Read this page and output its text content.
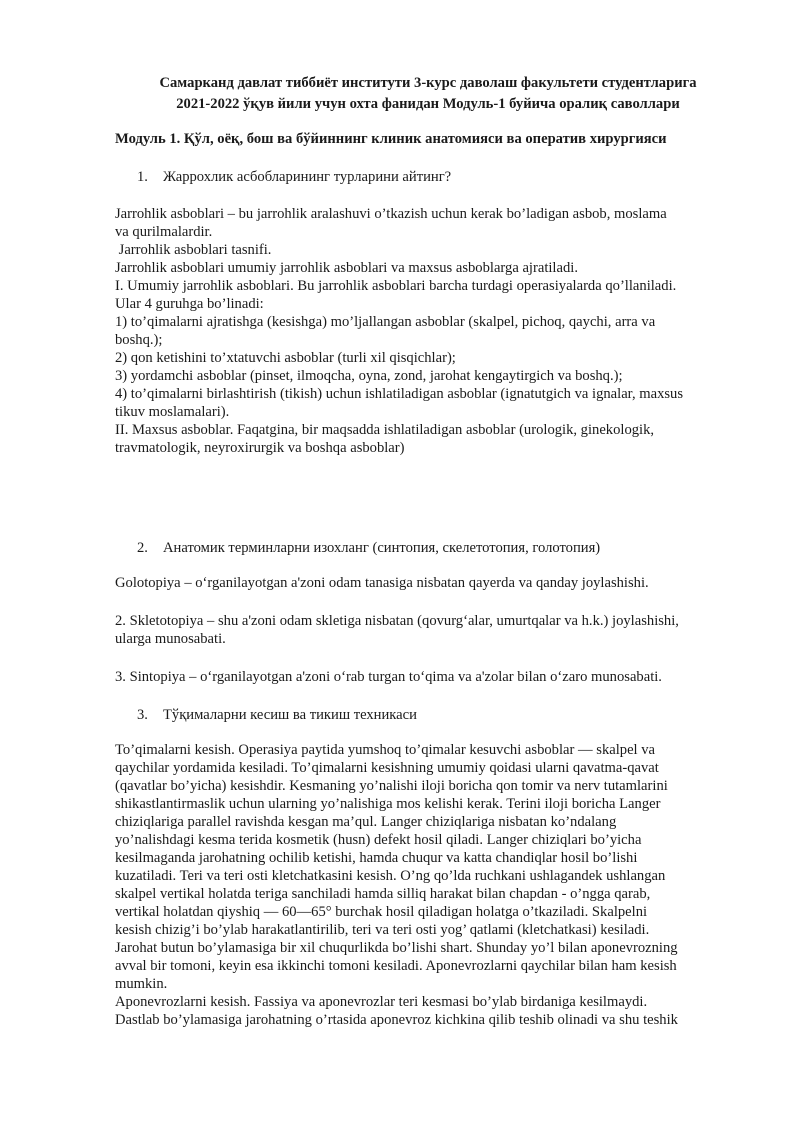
Самарканд давлат тиббиёт институти 3-курс даволаш факультети студентларига
2021-2022 ўқув йили учун охта фанидан Модуль-1 буйича оралиқ саволлари
Модуль 1. Қўл, оёқ, бош ва бўйиннинг клиник анатомияси ва оператив хирургияси
1. Жаррохлик асбобларининг турларини айтинг?
Jarrohlik asboblari – bu jarrohlik aralashuvi o’tkazish uchun kerak bo’ladigan asbob, moslama
va qurilmalardir.
Jarrohlik asboblari tasnifi.
Jarrohlik asboblari umumiy jarrohlik asboblari va maxsus asboblarga ajratiladi.
I. Umumiy jarrohlik asboblari. Bu jarrohlik asboblari barcha turdagi operasiyalarda qo’llaniladi.
Ular 4 guruhga bo’linadi:
1) to’qimalarni ajratishga (kesishga) mo’ljallangan asboblar (skalpel, pichoq, qaychi, arra va
boshq.);
2) qon ketishini to’xtatuvchi asboblar (turli xil qisqichlar);
3) yordamchi asboblar (pinset, ilmoqcha, oyna, zond, jarohat kengaytirgich va boshq.);
4) to’qimalarni birlashtirish (tikish) uchun ishlatiladigan asboblar (ignatutgich va ignalar, maxsus
tikuv moslamalari).
II. Maxsus asboblar. Faqatgina, bir maqsadda ishlatiladigan asboblar (urologik, ginekologik,
travmatologik, neyroxirurgik va boshqa asboblar)
2. Анатомик терминларни изохланг (синтопия, скелетотопия, голотопия)
Golotopiya – o‘rganilayotgan a'zoni odam tanasiga nisbatan qayerda va qanday joylashishi.
2. Skletotopiya – shu a'zoni odam skletiga nisbatan (qovurg‘alar, umurtqalar va h.k.) joylashishi,
ularga munosabati.
3. Sintopiya – o‘rganilayotgan a'zoni o‘rab turgan to‘qima va a'zolar bilan o‘zaro munosabati.
3. Тўқималарни кесиш ва тикиш техникаси
To’qimalarni kesish. Operasiya paytida yumshoq to’qimalar kesuvchi asboblar — skalpel va
qaychilar yordamida kesiladi. To’qimalarni kesishning umumiy qoidasi ularni qavatma-qavat
(qavatlar bo’yicha) kesishdir. Kesmaning yo’nalishi iloji boricha qon tomir va nerv tutamlarini
shikastlantirmaslik uchun ularning yo’nalishiga mos kelishi kerak. Terini iloji boricha Langer
chiziqlariga parallel ravishda kesgan ma’qul. Langer chiziqlariga nisbatan ko’ndalang
yo’nalishdagi kesma terida kosmetik (husn) defekt hosil qiladi. Langer chiziqlari bo’yicha
kesilmaganda jarohatning ochilib ketishi, hamda chuqur va katta chandiqlar hosil bo’lishi
kuzatiladi. Teri va teri osti kletchatkasini kesish. O’ng qo’lda ruchkani ushlagandek ushlangan
skalpel vertikal holatda teriga sanchiladi hamda silliq harakat bilan chapdan - o’ngga qarab,
vertikal holatdan qiyshiq — 60—65° burchak hosil qiladigan holatga o’tkaziladi. Skalpelni
kesish chizig’i bo’ylab harakatlantirilib, teri va teri osti yog’ qatlami (kletchatkasi) kesiladi.
Jarohat butun bo’ylamasiga bir xil chuqurlikda bo’lishi shart. Shunday yo’l bilan aponevrozning
avval bir tomoni, keyin esa ikkinchi tomoni kesiladi. Aponevrozlarni qaychilar bilan ham kesish
mumkin.
Aponevrozlarni kesish. Fassiya va aponevrozlar teri kesmasi bo’ylab birdaniga kesilmaydi.
Dastlab bo’ylamasiga jarohatning o’rtasida aponevroz kichkina qilib teshib olinadi va shu teshik
